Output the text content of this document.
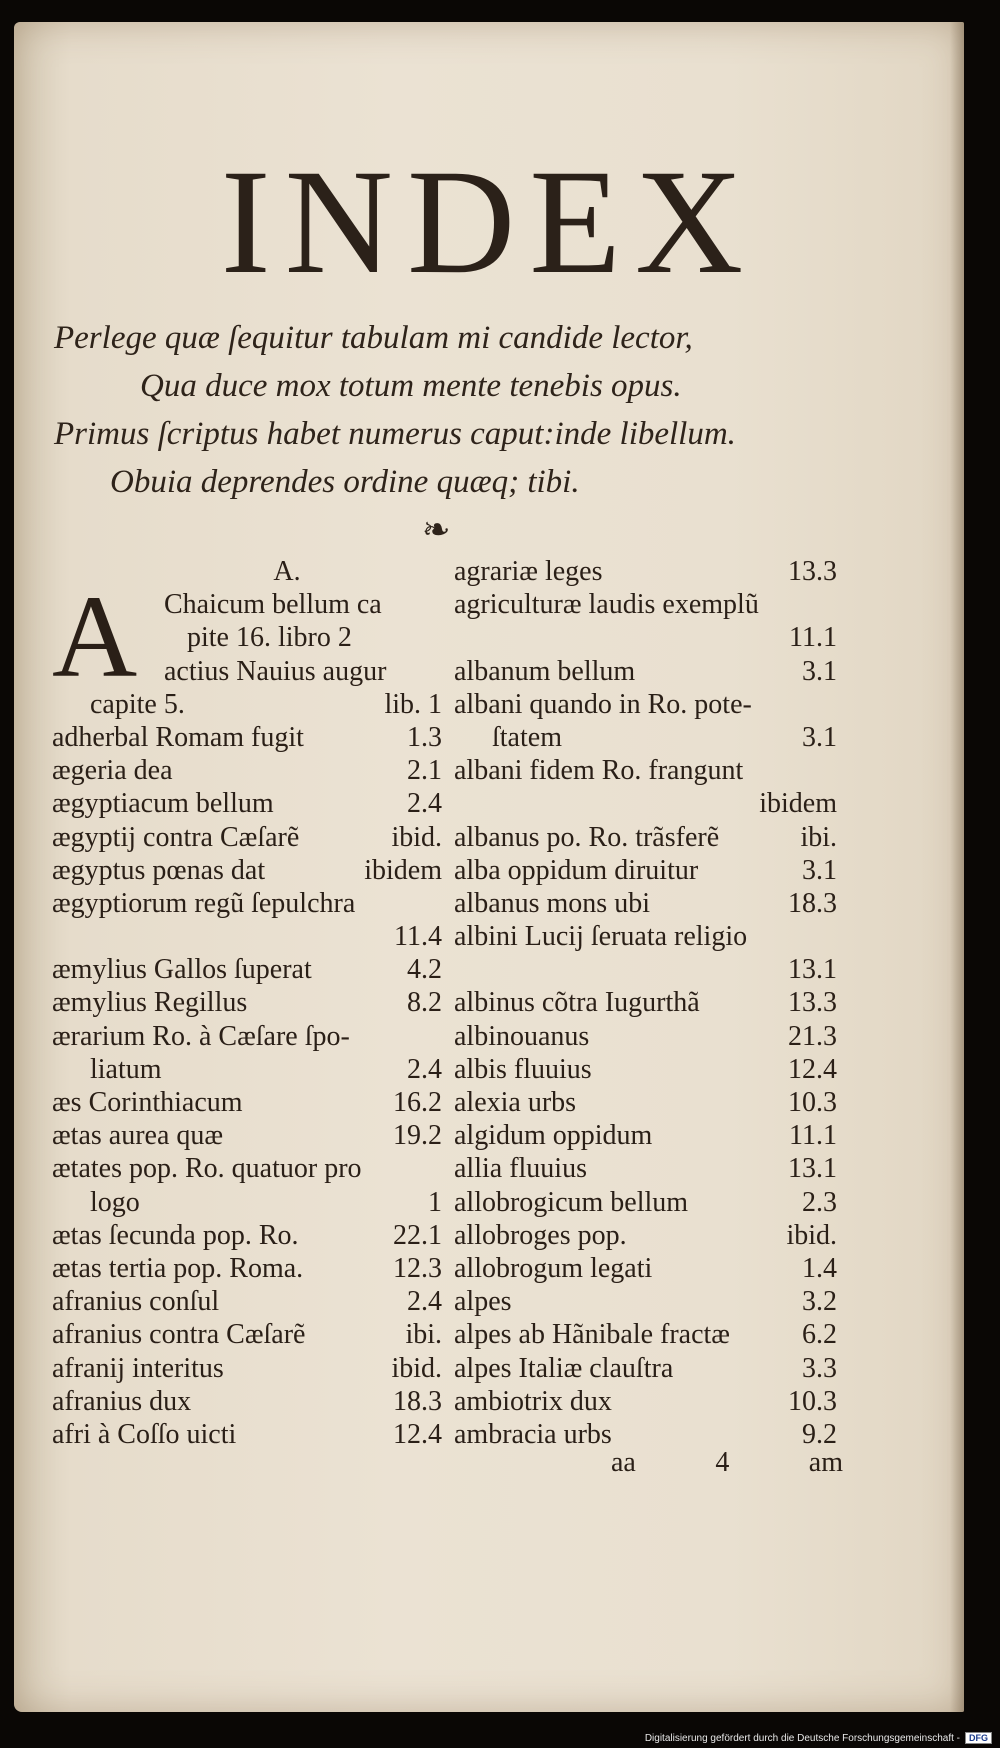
INDEX
Perlege quæ ſequitur tabulam mi candide lector,
Qua duce mox totum mente tenebis opus.
Primus ſcriptus habet numerus caput:inde libellum.
Obuia deprendes ordine quæq; tibi.
❧
A.
A Chaicum bellum ca
pite 16. libro 2
actius Nauius augur
capite 5.	lib. 1
adherbal Romam fugit	1.3
ægeria dea	2.1
ægyptiacum bellum	2.4
ægyptij contra Cæſarẽ	ibid.
ægyptus pœnas dat	ibidem
ægyptiorum regũ ſepulchra
11.4
æmylius Gallos ſuperat	4.2
æmylius Regillus	8.2
ærarium Ro. à Cæſare ſpo-
liatum	2.4
æs Corinthiacum	16.2
ætas aurea quæ	19.2
ætates pop. Ro. quatuor pro
logo	1
ætas ſecunda pop. Ro.	22.1
ætas tertia pop. Roma.	12.3
afranius conſul	2.4
afranius contra Cæſarẽ	ibi.
afranij interitus	ibid.
afranius dux	18.3
afri à Coſſo uicti	12.4
agrariæ leges	13.3
agriculturæ laudis exemplũ
11.1
albanum bellum	3.1
albani quando in Ro. pote-
ſtatem	3.1
albani fidem Ro. frangunt
ibidem
albanus po. Ro. trãsferẽ	ibi.
alba oppidum diruitur	3.1
albanus mons ubi	18.3
albini Lucij ſeruata religio
13.1
albinus cõtra Iugurthã	13.3
albinouanus	21.3
albis fluuius	12.4
alexia urbs	10.3
algidum oppidum	11.1
allia fluuius	13.1
allobrogicum bellum	2.3
allobroges pop.	ibid.
allobrogum legati	1.4
alpes	3.2
alpes ab Hãnibale fractæ	6.2
alpes Italiæ clauſtra	3.3
ambiotrix dux	10.3
ambracia urbs	9.2
aa	4	am
Digitalisierung gefördert durch die Deutsche Forschungsgemeinschaft -	DFG
